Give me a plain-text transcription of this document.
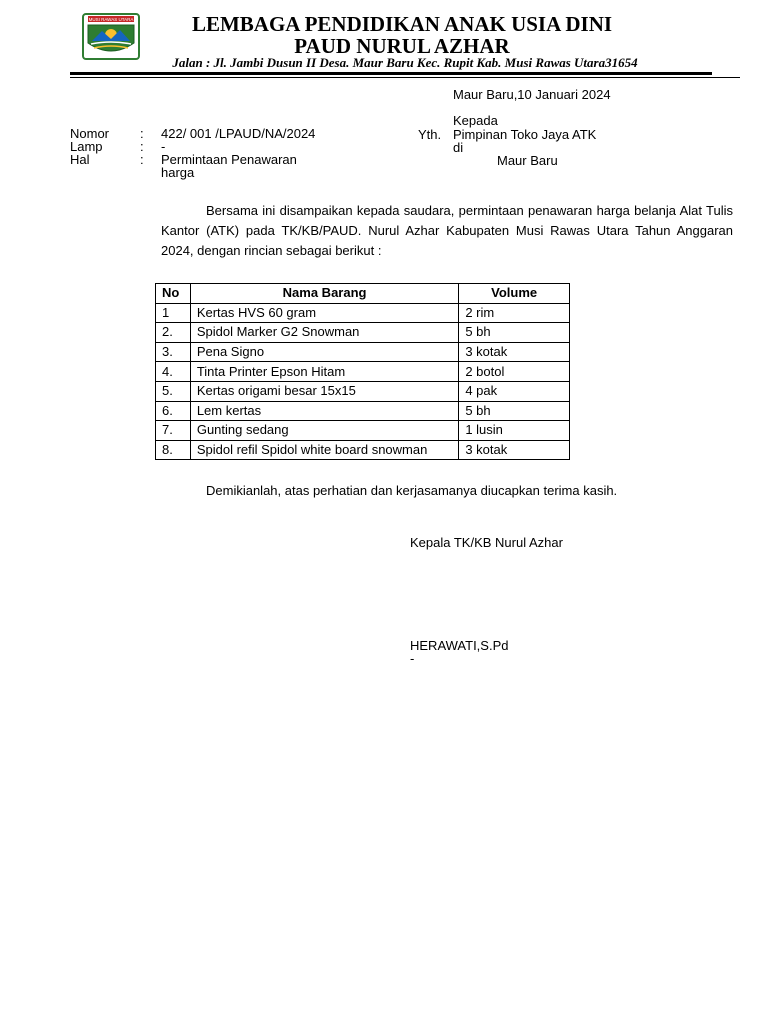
MUSI RAWAS UTARA	LEMBAGA PENDIDIKAN ANAK USIA DINI
PAUD NURUL AZHAR
Jalan : Jl. Jambi Dusun II Desa. Maur Baru Kec. Rupit Kab. Musi Rawas Utara31654
Maur Baru,10 Januari 2024
Kepada
Yth. Pimpinan Toko Jaya ATK
di
Maur Baru
Nomor : 422/ 001 /LPAUD/NA/2024
Lamp	: -
Hal	: Permintaan Penawaran harga
Bersama ini disampaikan kepada saudara, permintaan penawaran harga belanja Alat Tulis Kantor (ATK) pada TK/KB/PAUD. Nurul Azhar Kabupaten Musi Rawas Utara Tahun Anggaran 2024, dengan rincian sebagai berikut :
No	Nama Barang	Volume
1	Kertas HVS 60 gram	2 rim
2.	Spidol Marker G2 Snowman	5 bh
3.	Pena Signo	3 kotak
4.	Tinta Printer Epson Hitam	2 botol
5.	Kertas origami besar 15x15	4 pak
6.	Lem kertas	5 bh
7.	Gunting sedang	1 lusin
8.	Spidol refil Spidol white board snowman	3 kotak
Demikianlah, atas perhatian dan kerjasamanya diucapkan terima kasih.
Kepala TK/KB Nurul Azhar
HERAWATI,S.Pd
-
